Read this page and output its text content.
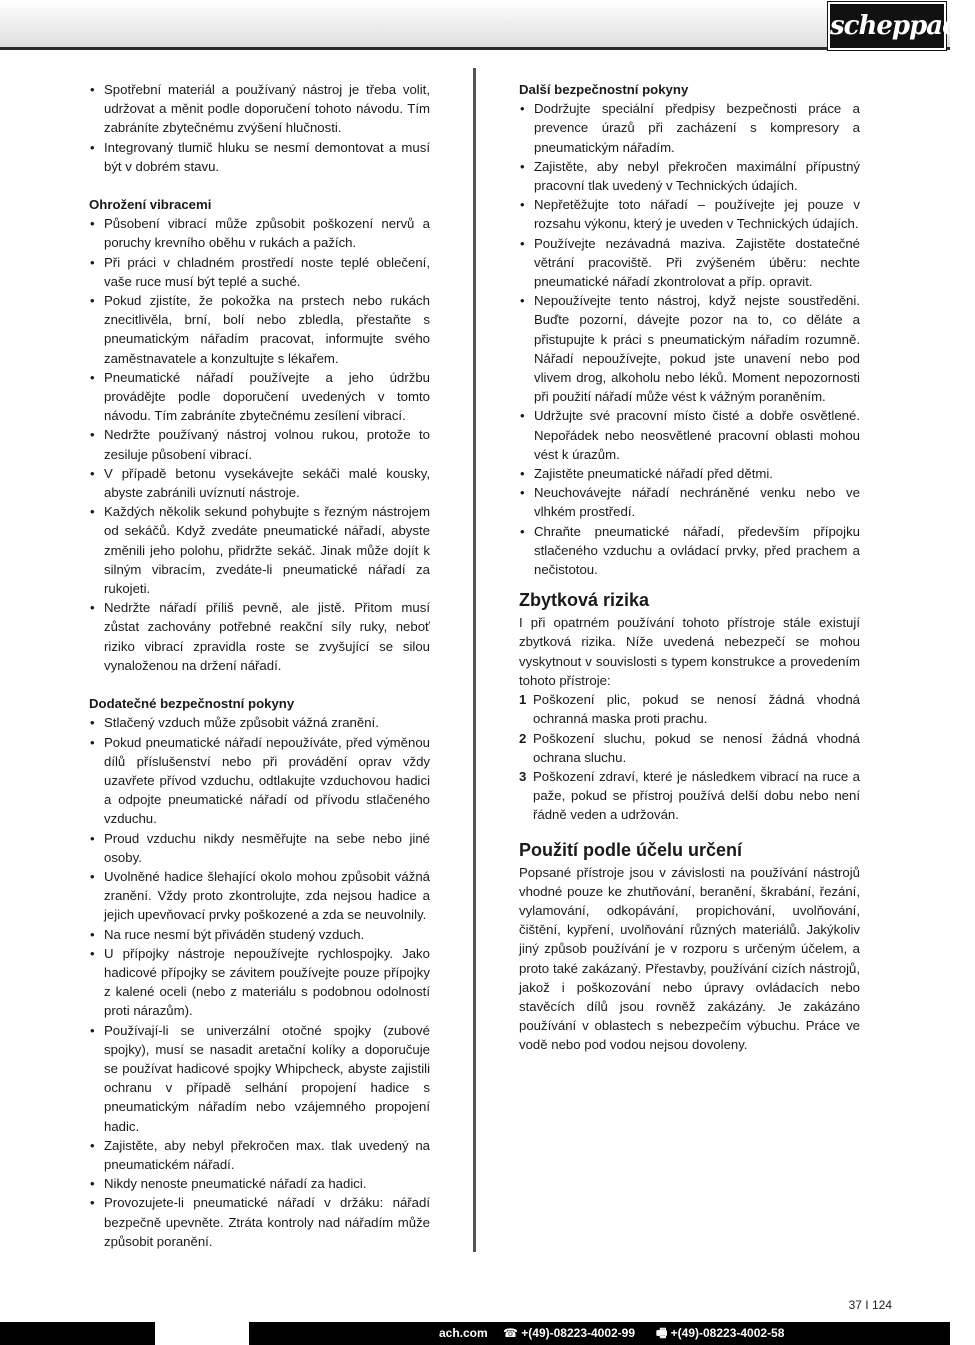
scheppach
• Spotřební materiál a používaný nástroj je třeba volit, udržovat a měnit podle doporučení tohoto návodu. Tím zabráníte zbytečnému zvýšení hlučnosti.
• Integrovaný tlumič hluku se nesmí demontovat a musí být v dobrém stavu.
Ohrožení vibracemi
• Působení vibrací může způsobit poškození nervů a poruchy krevního oběhu v rukách a pažích.
• Při práci v chladném prostředí noste teplé oblečení, vaše ruce musí být teplé a suché.
• Pokud zjistíte, že pokožka na prstech nebo rukách znecitlivěla, brní, bolí nebo zbledla, přestaňte s pneumatickým nářadím pracovat, informujte svého zaměstnavatele a konzultujte s lékařem.
• Pneumatické nářadí používejte a jeho údržbu provádějte podle doporučení uvedených v tomto návodu. Tím zabráníte zbytečnému zesílení vibrací.
• Nedržte používaný nástroj volnou rukou, protože to zesiluje působení vibrací.
• V případě betonu vysekávejte sekáči malé kousky, abyste zabránili uvíznutí nástroje.
• Každých několik sekund pohybujte s řezným nástrojem od sekáčů. Když zvedáte pneumatické nářadí, abyste změnili jeho polohu, přidržte sekáč. Jinak může dojít k silným vibracím, zvedáte-li pneumatické nářadí za rukojeti.
• Nedržte nářadí příliš pevně, ale jistě. Přitom musí zůstat zachovány potřebné reakční síly ruky, neboť riziko vibrací zpravidla roste se zvyšující se silou vynaloženou na držení nářadí.
Dodatečné bezpečnostní pokyny
• Stlačený vzduch může způsobit vážná zranění.
• Pokud pneumatické nářadí nepoužíváte, před výměnou dílů příslušenství nebo při provádění oprav vždy uzavřete přívod vzduchu, odtlakujte vzduchovou hadici a odpojte pneumatické nářadí od přívodu stlačeného vzduchu.
• Proud vzduchu nikdy nesměřujte na sebe nebo jiné osoby.
• Uvolněné hadice šlehající okolo mohou způsobit vážná zranění. Vždy proto zkontrolujte, zda nejsou hadice a jejich upevňovací prvky poškozené a zda se neuvolnily.
• Na ruce nesmí být přiváděn studený vzduch.
• U přípojky nástroje nepoužívejte rychlospojky. Jako hadicové přípojky se závitem používejte pouze přípojky z kalené oceli (nebo z materiálu s podobnou odolností proti nárazům).
• Používají-li se univerzální otočné spojky (zubové spojky), musí se nasadit aretační kolíky a doporučuje se používat hadicové spojky Whipcheck, abyste zajistili ochranu v případě selhání propojení hadice s pneumatickým nářadím nebo vzájemného propojení hadic.
• Zajistěte, aby nebyl překročen max. tlak uvedený na pneumatickém nářadí.
• Nikdy nenoste pneumatické nářadí za hadici.
• Provozujete-li pneumatické nářadí v držáku: nářadí bezpečně upevněte. Ztráta kontroly nad nářadím může způsobit poranění.
Další bezpečnostní pokyny
• Dodržujte speciální předpisy bezpečnosti práce a prevence úrazů při zacházení s kompresory a pneumatickým nářadím.
• Zajistěte, aby nebyl překročen maximální přípustný pracovní tlak uvedený v Technických údajích.
• Nepřetěžujte toto nářadí – používejte jej pouze v rozsahu výkonu, který je uveden v Technických údajích.
• Používejte nezávadná maziva. Zajistěte dostatečné větrání pracoviště. Při zvýšeném úběru: nechte pneumatické nářadí zkontrolovat a příp. opravit.
• Nepoužívejte tento nástroj, když nejste soustředěni. Buďte pozorní, dávejte pozor na to, co děláte a přistupujte k práci s pneumatickým nářadím rozumně. Nářadí nepoužívejte, pokud jste unavení nebo pod vlivem drog, alkoholu nebo léků. Moment nepozornosti při použití nářadí může vést k vážným poraněním.
• Udržujte své pracovní místo čisté a dobře osvětlené. Nepořádek nebo neosvětlené pracovní oblasti mohou vést k úrazům.
• Zajistěte pneumatické nářadí před dětmi.
• Neuchovávejte nářadí nechráněné venku nebo ve vlhkém prostředí.
• Chraňte pneumatické nářadí, především přípojku stlačeného vzduchu a ovládací prvky, před prachem a nečistotou.
Zbytková rizika

I při opatrném používání tohoto přístroje stále existují zbytková rizika. Níže uvedená nebezpečí se mohou vyskytnout v souvislosti s typem konstrukce a provedením tohoto přístroje:

1 Poškození plic, pokud se nenosí žádná vhodná ochranná maska proti prachu.
2 Poškození sluchu, pokud se nenosí žádná vhodná ochrana sluchu.
3 Poškození zdraví, které je následkem vibrací na ruce a paže, pokud se přístroj používá delší dobu nebo není řádně veden a udržován.
Použití podle účelu určení

Popsané přístroje jsou v závislosti na používání nástrojů vhodné pouze ke zhutňování, beranění, škrabání, řezání, vylamování, odkopávání, propichování, uvolňování, čištění, kypření, uvolňování různých materiálů. Jakýkoliv jiný způsob používání je v rozporu s určeným účelem, a proto také zakázaný. Přestavby, používání cizích nástrojů, jakož i poškozování nebo úpravy ovládacích nebo stavěcích dílů jsou rovněž zakázány. Je zakázáno používání v oblastech s nebezpečím výbuchu. Práce ve vodě nebo pod vodou nejsou dovoleny.

37 I 124
ach.com ☎ +(49)-08223-4002-99 🖷 +(49)-08223-4002-58
